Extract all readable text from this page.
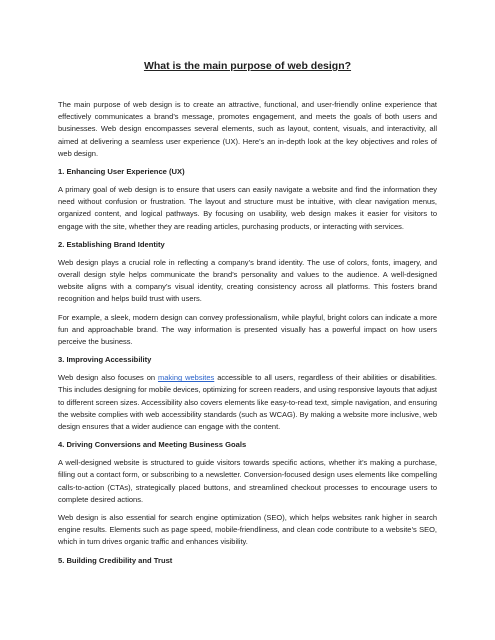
What is the main purpose of web design?

The main purpose of web design is to create an attractive, functional, and user-friendly online experience that effectively communicates a brand’s message, promotes engagement, and meets the goals of both users and businesses. Web design encompasses several elements, such as layout, content, visuals, and interactivity, all aimed at delivering a seamless user experience (UX). Here’s an in-depth look at the key objectives and roles of web design.

1. Enhancing User Experience (UX)

A primary goal of web design is to ensure that users can easily navigate a website and find the information they need without confusion or frustration. The layout and structure must be intuitive, with clear navigation menus, organized content, and logical pathways. By focusing on usability, web design makes it easier for visitors to engage with the site, whether they are reading articles, purchasing products, or interacting with services.

2. Establishing Brand Identity

Web design plays a crucial role in reflecting a company’s brand identity. The use of colors, fonts, imagery, and overall design style helps communicate the brand’s personality and values to the audience. A well-designed website aligns with a company’s visual identity, creating consistency across all platforms. This fosters brand recognition and helps build trust with users.

For example, a sleek, modern design can convey professionalism, while playful, bright colors can indicate a more fun and approachable brand. The way information is presented visually has a powerful impact on how users perceive the business.

3. Improving Accessibility

Web design also focuses on making websites accessible to all users, regardless of their abilities or disabilities. This includes designing for mobile devices, optimizing for screen readers, and using responsive layouts that adjust to different screen sizes. Accessibility also covers elements like easy-to-read text, simple navigation, and ensuring the website complies with web accessibility standards (such as WCAG). By making a website more inclusive, web design ensures that a wider audience can engage with the content.

4. Driving Conversions and Meeting Business Goals

A well-designed website is structured to guide visitors towards specific actions, whether it’s making a purchase, filling out a contact form, or subscribing to a newsletter. Conversion-focused design uses elements like compelling calls-to-action (CTAs), strategically placed buttons, and streamlined checkout processes to encourage users to complete desired actions.

Web design is also essential for search engine optimization (SEO), which helps websites rank higher in search engine results. Elements such as page speed, mobile-friendliness, and clean code contribute to a website’s SEO, which in turn drives organic traffic and enhances visibility.

5. Building Credibility and Trust
